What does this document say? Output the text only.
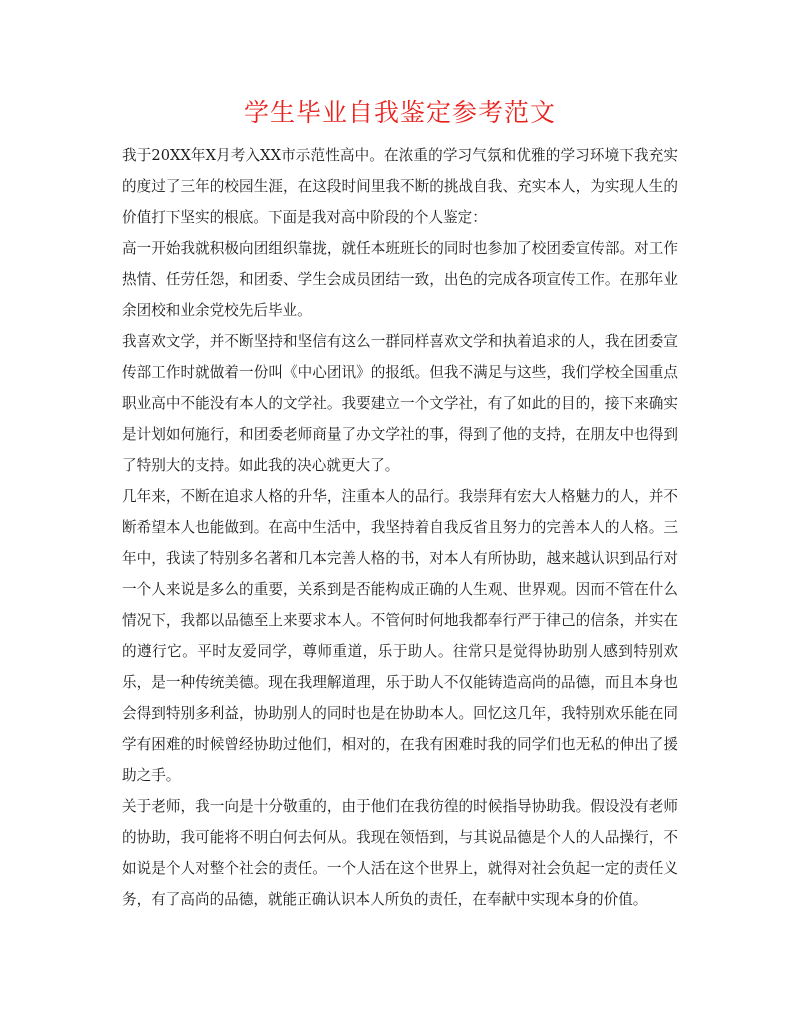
学生毕业自我鉴定参考范文

我于20XX年X月考入XX市示范性高中。在浓重的学习气氛和优雅的学习环境下我充实的度过了三年的校园生涯，在这段时间里我不断的挑战自我、充实本人，为实现人生的价值打下坚实的根底。下面是我对高中阶段的个人鉴定：

高一开始我就积极向团组织靠拢，就任本班班长的同时也参加了校团委宣传部。对工作热情、任劳任怨，和团委、学生会成员团结一致，出色的完成各项宣传工作。在那年业余团校和业余党校先后毕业。

我喜欢文学，并不断坚持和坚信有这么一群同样喜欢文学和执着追求的人，我在团委宣传部工作时就做着一份叫《中心团讯》的报纸。但我不满足与这些，我们学校全国重点职业高中不能没有本人的文学社。我要建立一个文学社，有了如此的目的，接下来确实是计划如何施行，和团委老师商量了办文学社的事，得到了他的支持，在朋友中也得到了特别大的支持。如此我的决心就更大了。

几年来，不断在追求人格的升华，注重本人的品行。我崇拜有宏大人格魅力的人，并不断希望本人也能做到。在高中生活中，我坚持着自我反省且努力的完善本人的人格。三年中，我读了特别多名著和几本完善人格的书，对本人有所协助，越来越认识到品行对一个人来说是多么的重要，关系到是否能构成正确的人生观、世界观。因而不管在什么情况下，我都以品德至上来要求本人。不管何时何地我都奉行严于律己的信条，并实在的遵行它。平时友爱同学，尊师重道，乐于助人。往常只是觉得协助别人感到特别欢乐，是一种传统美德。现在我理解道理，乐于助人不仅能铸造高尚的品德，而且本身也会得到特别多利益，协助别人的同时也是在协助本人。回忆这几年，我特别欢乐能在同学有困难的时候曾经协助过他们，相对的，在我有困难时我的同学们也无私的伸出了援助之手。

关于老师，我一向是十分敬重的，由于他们在我彷徨的时候指导协助我。假设没有老师的协助，我可能将不明白何去何从。我现在领悟到，与其说品德是个人的人品操行，不如说是个人对整个社会的责任。一个人活在这个世界上，就得对社会负起一定的责任义务，有了高尚的品德，就能正确认识本人所负的责任，在奉献中实现本身的价值。
